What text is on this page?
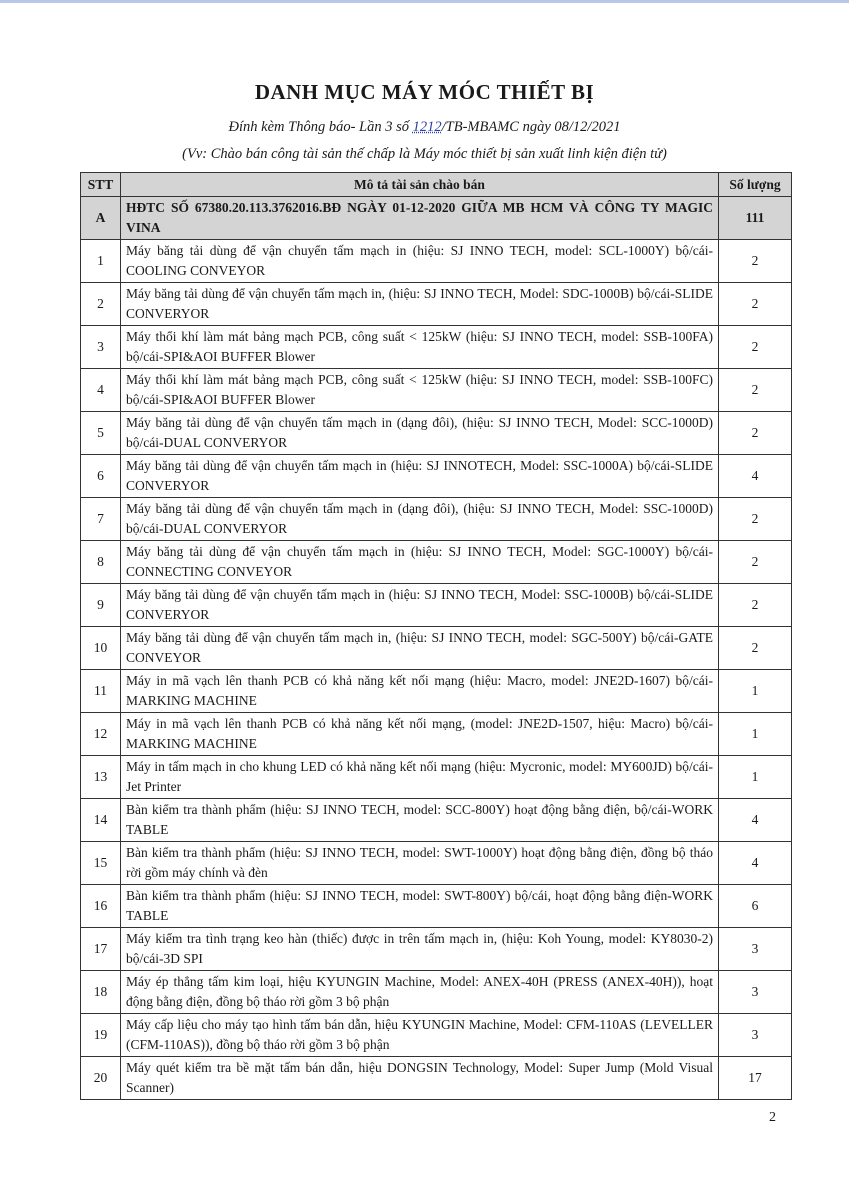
DANH MỤC MÁY MÓC THIẾT BỊ
Đính kèm Thông báo- Lần 3 số 1212/TB-MBAMC ngày 08/12/2021
(Vv: Chào bán công tài sản thế chấp là Máy móc thiết bị sản xuất linh kiện điện tử)
STT	Mô tả tài sản chào bán	Số lượng
A	HĐTC SỐ 67380.20.113.3762016.BĐ NGÀY 01-12-2020 GIỮA MB HCM VÀ CÔNG TY MAGIC VINA	111
1	Máy băng tải dùng để vận chuyển tấm mạch in (hiệu: SJ INNO TECH, model: SCL-1000Y) bộ/cái-COOLING CONVEYOR	2
2	Máy băng tải dùng để vận chuyển tấm mạch in, (hiệu: SJ INNO TECH, Model: SDC-1000B) bộ/cái-SLIDE CONVERYOR	2
3	Máy thổi khí làm mát bảng mạch PCB, công suất < 125kW (hiệu: SJ INNO TECH, model: SSB-100FA) bộ/cái-SPI&AOI BUFFER Blower	2
4	Máy thổi khí làm mát bảng mạch PCB, công suất < 125kW (hiệu: SJ INNO TECH, model: SSB-100FC) bộ/cái-SPI&AOI BUFFER Blower	2
5	Máy băng tải dùng để vận chuyển tấm mạch in (dạng đôi), (hiệu: SJ INNO TECH, Model: SCC-1000D) bộ/cái-DUAL CONVERYOR	2
6	Máy băng tải dùng để vận chuyển tấm mạch in (hiệu: SJ INNOTECH, Model: SSC-1000A) bộ/cái-SLIDE CONVERYOR	4
7	Máy băng tải dùng để vận chuyển tấm mạch in (dạng đôi), (hiệu: SJ INNO TECH, Model: SSC-1000D) bộ/cái-DUAL CONVERYOR	2
8	Máy băng tải dùng để vận chuyển tấm mạch in (hiệu: SJ INNO TECH, Model: SGC-1000Y) bộ/cái-CONNECTING CONVEYOR	2
9	Máy băng tải dùng để vận chuyển tấm mạch in (hiệu: SJ INNO TECH, Model: SSC-1000B) bộ/cái-SLIDE CONVERYOR	2
10	Máy băng tải dùng để vận chuyển tấm mạch in, (hiệu: SJ INNO TECH, model: SGC-500Y) bộ/cái-GATE CONVEYOR	2
11	Máy in mã vạch lên thanh PCB có khả năng kết nối mạng (hiệu: Macro, model: JNE2D-1607) bộ/cái-MARKING MACHINE	1
12	Máy in mã vạch lên thanh PCB có khả năng kết nối mạng, (model: JNE2D-1507, hiệu: Macro) bộ/cái-MARKING MACHINE	1
13	Máy in tấm mạch in cho khung LED có khả năng kết nối mạng (hiệu: Mycronic, model: MY600JD) bộ/cái-Jet Printer	1
14	Bàn kiểm tra thành phẩm (hiệu: SJ INNO TECH, model: SCC-800Y) hoạt động bằng điện, bộ/cái-WORK TABLE	4
15	Bàn kiểm tra thành phẩm (hiệu: SJ INNO TECH, model: SWT-1000Y) hoạt động bằng điện, đồng bộ tháo rời gồm máy chính và đèn	4
16	Bàn kiểm tra thành phẩm (hiệu: SJ INNO TECH, model: SWT-800Y) bộ/cái, hoạt động bằng điện-WORK TABLE	6
17	Máy kiểm tra tình trạng keo hàn (thiếc) được in trên tấm mạch in, (hiệu: Koh Young, model: KY8030-2) bộ/cái-3D SPI	3
18	Máy ép thẳng tấm kim loại, hiệu KYUNGIN Machine, Model: ANEX-40H (PRESS (ANEX-40H)), hoạt động bằng điện, đồng bộ tháo rời gồm 3 bộ phận	3
19	Máy cấp liệu cho máy tạo hình tấm bán dẫn, hiệu KYUNGIN Machine, Model: CFM-110AS (LEVELLER (CFM-110AS)), đồng bộ tháo rời gồm 3 bộ phận	3
20	Máy quét kiểm tra bề mặt tấm bán dẫn, hiệu DONGSIN Technology, Model: Super Jump (Mold Visual Scanner)	17
2
